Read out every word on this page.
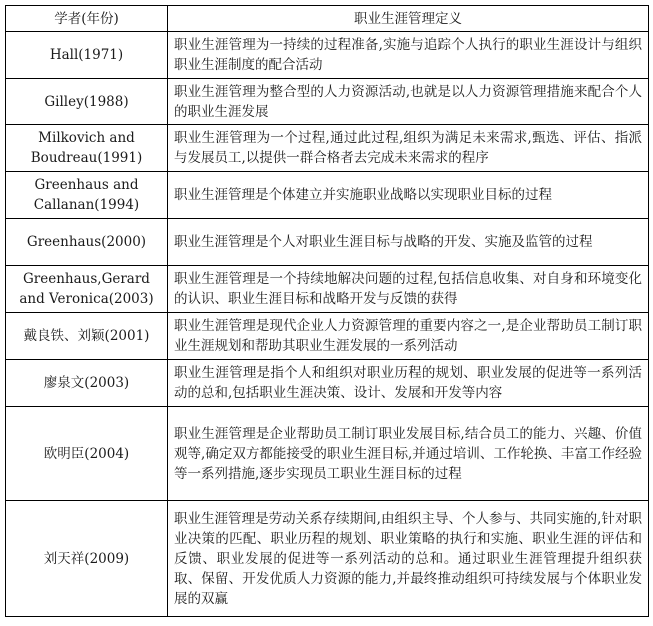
学者(年份)	职业生涯管理定义
Hall(1971)	职业生涯管理为一持续的过程准备,实施与追踪个人执行的职业生涯设计与组织职业生涯制度的配合活动
Gilley(1988)	职业生涯管理为整合型的人力资源活动,也就是以人力资源管理措施来配合个人的职业生涯发展
Milkovich and Boudreau(1991)	职业生涯管理为一个过程,通过此过程,组织为满足未来需求,甄选、评估、指派与发展员工,以提供一群合格者去完成未来需求的程序
Greenhaus and Callanan(1994)	职业生涯管理是个体建立并实施职业战略以实现职业目标的过程
Greenhaus(2000)	职业生涯管理是个人对职业生涯目标与战略的开发、实施及监管的过程
Greenhaus,Gerard and Veronica(2003)	职业生涯管理是一个持续地解决问题的过程,包括信息收集、对自身和环境变化的认识、职业生涯目标和战略开发与反馈的获得
戴良铁、刘颖(2001)	职业生涯管理是现代企业人力资源管理的重要内容之一,是企业帮助员工制订职业生涯规划和帮助其职业生涯发展的一系列活动
廖泉文(2003)	职业生涯管理是指个人和组织对职业历程的规划、职业发展的促进等一系列活动的总和,包括职业生涯决策、设计、发展和开发等内容
欧明臣(2004)	职业生涯管理是企业帮助员工制订职业发展目标,结合员工的能力、兴趣、价值观等,确定双方都能接受的职业生涯目标,并通过培训、工作轮换、丰富工作经验等一系列措施,逐步实现员工职业生涯目标的过程
刘天祥(2009)	职业生涯管理是劳动关系存续期间,由组织主导、个人参与、共同实施的,针对职业决策的匹配、职业历程的规划、职业策略的执行和实施、职业生涯的评估和反馈、职业发展的促进等一系列活动的总和。通过职业生涯管理提升组织获取、保留、开发优质人力资源的能力,并最终推动组织可持续发展与个体职业发展的双赢
